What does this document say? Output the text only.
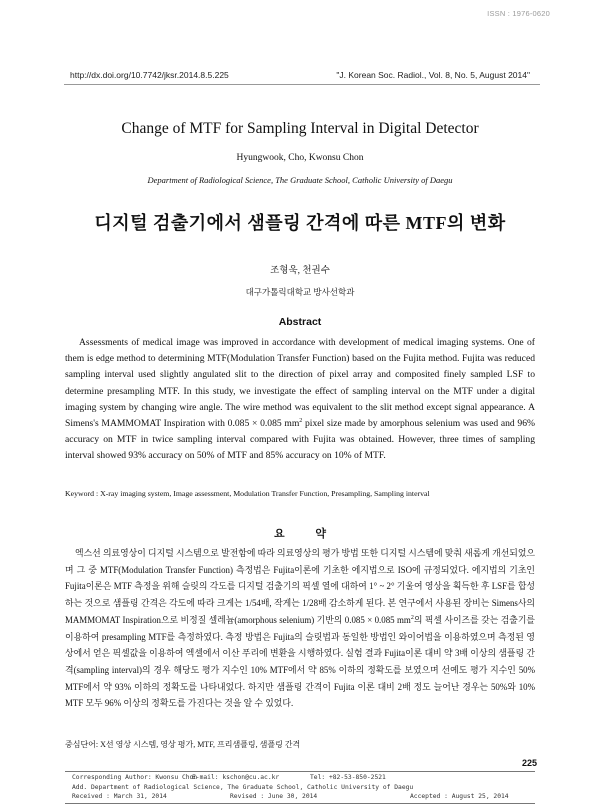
ISSN : 1976-0620
http://dx.doi.org/10.7742/jksr.2014.8.5.225	"J. Korean Soc. Radiol., Vol. 8, No. 5, August 2014"
Change of MTF for Sampling Interval in Digital Detector
Hyungwook, Cho, Kwonsu Chon
Department of Radiological Science, The Graduate School, Catholic University of Daegu
디지털 검출기에서 샘플링 간격에 따른 MTF의 변화
조형욱, 천권수
대구가톨릭대학교 방사선학과
Abstract

Assessments of medical image was improved in accordance with development of medical imaging systems. One of them is edge method to determining MTF(Modulation Transfer Function) based on the Fujita method. Fujita was reduced sampling interval used slightly angulated slit to the direction of pixel array and composited finely sampled LSF to determine presampling MTF. In this study, we investigate the effect of sampling interval on the MTF under a digital imaging system by changing wire angle. The wire method was equivalent to the slit method except signal appearance. A Simens's MAMMOMAT Inspiration with 0.085 × 0.085 $mm^2$ pixel size made by amorphous selenium was used and 96% accuracy on MTF in twice sampling interval compared with Fujita was obtained. However, three times of sampling interval showed 93% accuracy on 50% of MTF and 85% accuracy on 10% of MTF.

Keyword : X-ray imaging system, Image assessment, Modulation Transfer Function, Presampling, Sampling interval
요 약

엑스선 의료영상이 디지털 시스템으로 발전함에 따라 의료영상의 평가 방법 또한 디지털 시스템에 맞춰 새롭게 개선되었으며 그 중 MTF(Modulation Transfer Function) 측정법은 Fujita이론에 기초한 에지법으로 ISO에 규정되었다. 에지법의 기초인 Fujita이론은 MTF 측정을 위해 슬릿의 각도를 디지털 검출기의 픽셀 열에 대하여 1° ~ 2° 기울여 영상을 획득한 후 LSF를 합성하는 것으로 샘플링 간격은 각도에 따라 크게는 1/54배, 작게는 1/28배 감소하게 된다. 본 연구에서 사용된 장비는 Simens사의 MAMMOMAT Inspiration으로 비정질 셀레늄(amorphous selenium) 기반의 0.085 × 0.085 $mm^2$의 픽셀 사이즈를 갖는 검출기를 이용하여 presampling MTF를 측정하였다. 측정 방법은 Fujita의 슬릿법과 동일한 방법인 와이어법을 이용하였으며 측정된 영상에서 얻은 픽셀값을 이용하여 엑셀에서 이산 푸리에 변환을 시행하였다. 실험 결과 Fujita이론 대비 약 3배 이상의 샘플링 간격(sampling interval)의 경우 해당도 평가 지수인 10% MTF에서 약 85% 이하의 정확도를 보였으며 선예도 평가 지수인 50% MTF에서 약 93% 이하의 정확도를 나타내었다. 하지만 샘플링 간격이 Fujita 이론 대비 2배 정도 늘어난 경우는 50%와 10% MTF 모두 96% 이상의 정확도를 가진다는 것을 알 수 있었다.

중심단어: X선 영상 시스템, 영상 평가, MTF, 프리샘플링, 샘플링 간격
225
Corresponding Author: Kwonsu Chon
E-mail: kschon@cu.ac.kr	Tel: +82-53-850-2521
Add. Department of Radiological Science, The Graduate School, Catholic University of Daegu
Received : March 31, 2014	Revised : June 30, 2014	Accepted : August 25, 2014
